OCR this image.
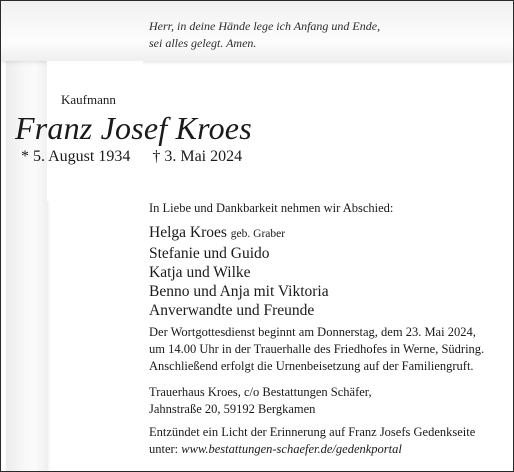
Herr, in deine Hände lege ich Anfang und Ende,
sei alles gelegt. Amen.
Kaufmann
Franz Josef Kroes
* 5. August 1934 † 3. Mai 2024
In Liebe und Dankbarkeit nehmen wir Abschied:
Helga Kroes geb. Graber
Stefanie und Guido
Katja und Wilke
Benno und Anja mit Viktoria
Anverwandte und Freunde
Der Wortgottesdienst beginnt am Donnerstag, dem 23. Mai 2024,
um 14.00 Uhr in der Trauerhalle des Friedhofes in Werne, Südring.
Anschließend erfolgt die Urnenbeisetzung auf der Familiengruft.
Trauerhaus Kroes, c/o Bestattungen Schäfer,
Jahnstraße 20, 59192 Bergkamen
Entzündet ein Licht der Erinnerung auf Franz Josefs Gedenkseite
unter: www.bestattungen-schaefer.de/gedenkportal
